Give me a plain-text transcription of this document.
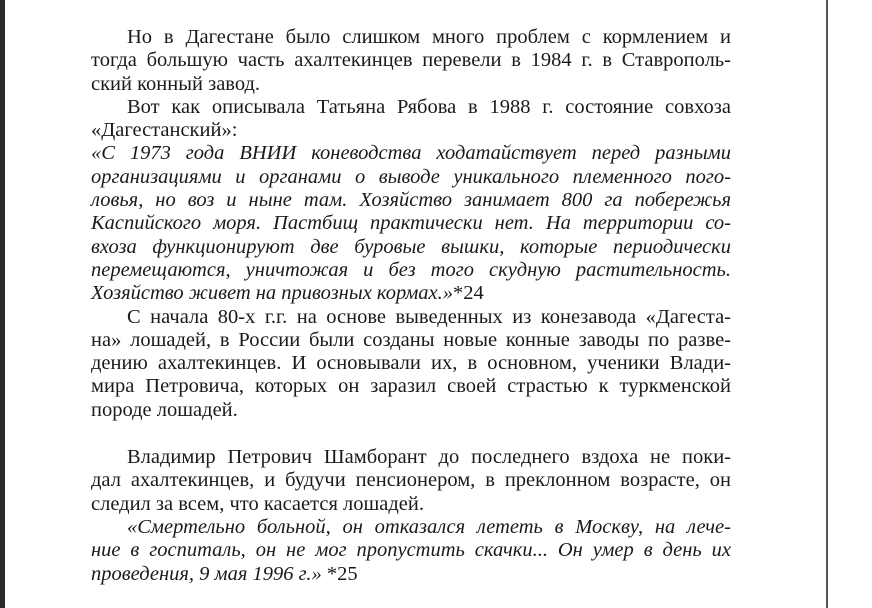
Но в Дагестане было слишком много проблем с кормлением и
тогда большую часть ахалтекинцев перевели в 1984 г. в Ставрополь-
ский конный завод.
Вот как описывала Татьяна Рябова в 1988 г. состояние совхоза
«Дагестанский»:
«С 1973 года ВНИИ коневодства ходатайствует перед разными
организациями и органами о выводе уникального племенного пого-
ловья, но воз и ныне там. Хозяйство занимает 800 га побережья
Каспийского моря. Пастбищ практически нет. На территории со-
вхоза функционируют две буровые вышки, которые периодически
перемещаются, уничтожая и без того скудную растительность.
Хозяйство живет на привозных кормах.»*24
С начала 80-х г.г. на основе выведенных из конезавода «Дагеста-
на» лошадей, в России были созданы новые конные заводы по разве-
дению ахалтекинцев. И основывали их, в основном, ученики Влади-
мира Петровича, которых он заразил своей страстью к туркменской
породе лошадей.
Владимир Петрович Шамборант до последнего вздоха не поки-
дал ахалтекинцев, и будучи пенсионером, в преклонном возрасте, он
следил за всем, что касается лошадей.
«Смертельно больной, он отказался лететь в Москву, на лече-
ние в госпиталь, он не мог пропустить скачки... Он умер в день их
проведения, 9 мая 1996 г.» *25
